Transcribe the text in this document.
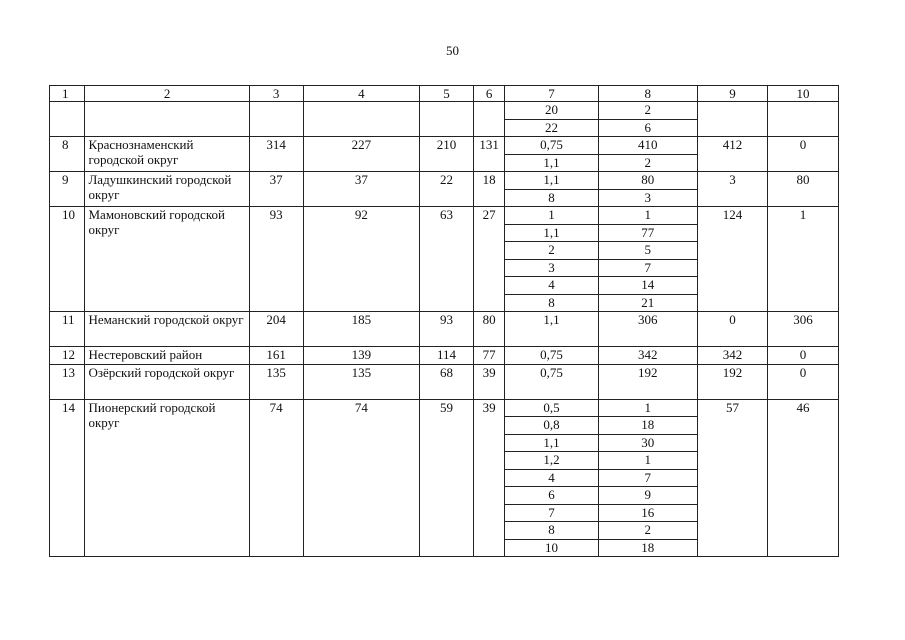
50
1	2	3	4	5	6	7	8	9	10
						20	2		
						22	6		
8	Краснознаменский городской округ	314	227	210	131	0,75	410	412	0
						1,1	2		
9	Ладушкинский городской округ	37	37	22	18	1,1	80	3	80
						8	3		
10	Мамоновский городской округ	93	92	63	27	1	1	124	1
						1,1	77		
						2	5		
						3	7		
						4	14		
						8	21		
11	Неманский городской округ	204	185	93	80	1,1	306	0	306
12	Нестеровский район	161	139	114	77	0,75	342	342	0
13	Озёрский городской округ	135	135	68	39	0,75	192	192	0
14	Пионерский городской округ	74	74	59	39	0,5	1	57	46
						0,8	18		
						1,1	30		
						1,2	1		
						4	7		
						6	9		
						7	16		
						8	2		
						10	18		
